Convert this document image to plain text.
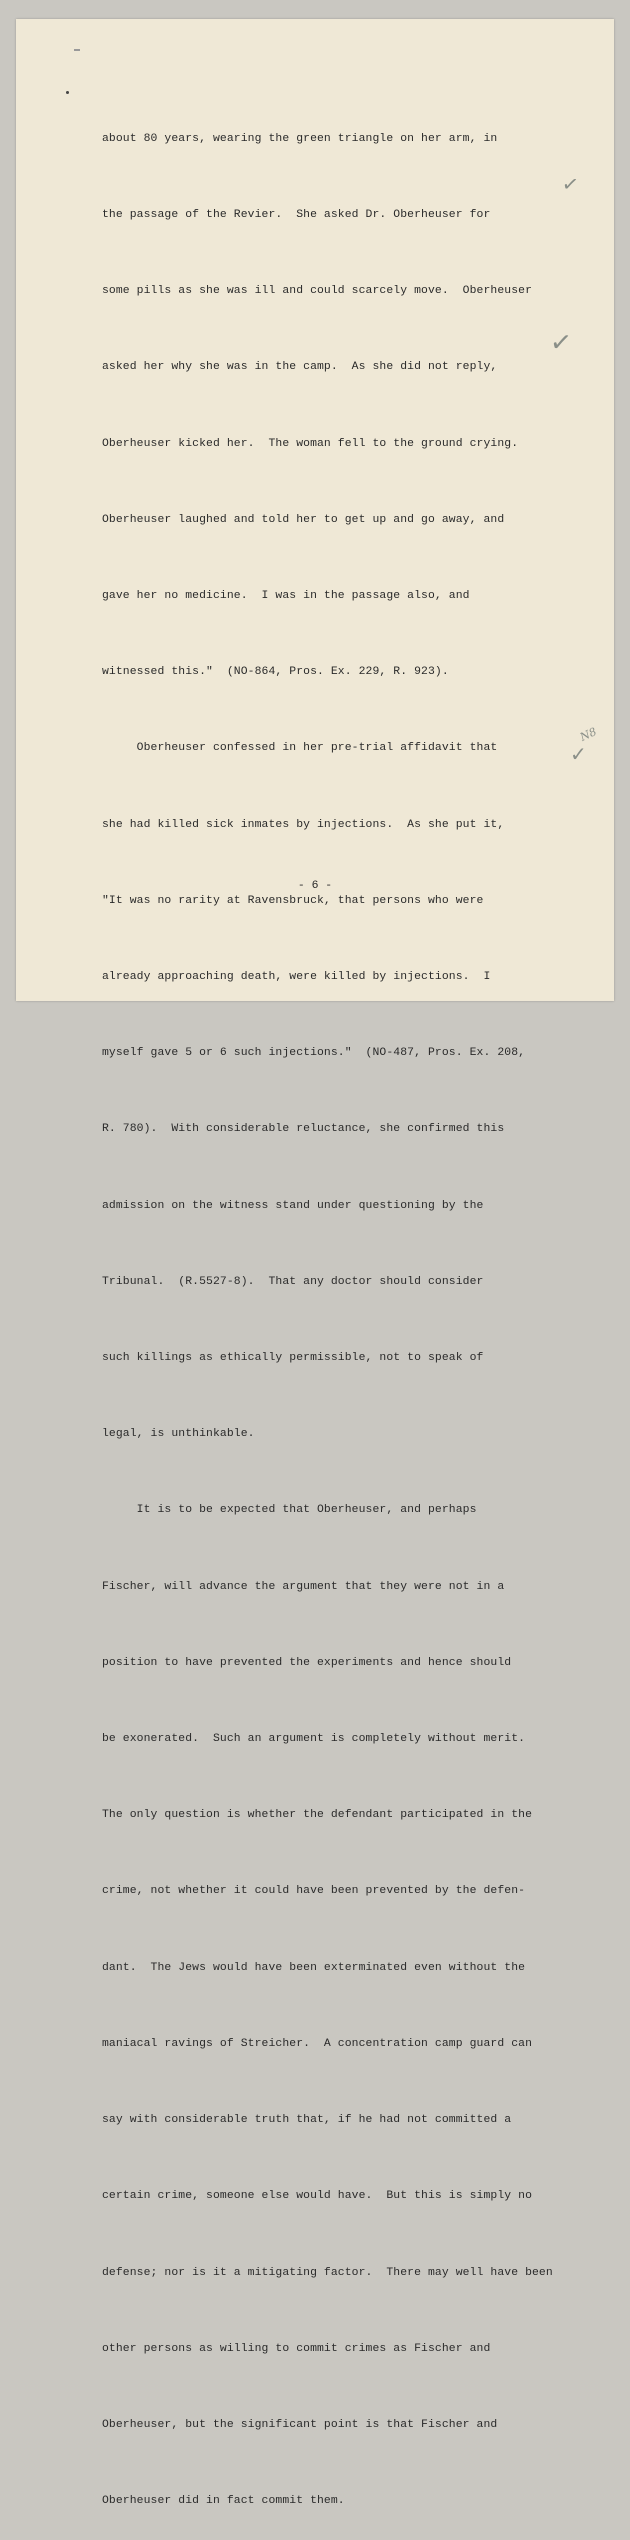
about 80 years, wearing the green triangle on her arm, in

the passage of the Revier.  She asked Dr. Oberheuser for

some pills as she was ill and could scarcely move.  Oberheuser

asked her why she was in the camp.  As she did not reply,

Oberheuser kicked her.  The woman fell to the ground crying.

Oberheuser laughed and told her to get up and go away, and

gave her no medicine.  I was in the passage also, and

witnessed this."  (NO-864, Pros. Ex. 229, R. 923).

Oberheuser confessed in her pre-trial affidavit that

she had killed sick inmates by injections.  As she put it,

"It was no rarity at Ravensbruck, that persons who were

already approaching death, were killed by injections.  I

myself gave 5 or 6 such injections."  (NO-487, Pros. Ex. 208,

R. 780).  With considerable reluctance, she confirmed this

admission on the witness stand under questioning by the

Tribunal.  (R.5527-8).  That any doctor should consider

such killings as ethically permissible, not to speak of

legal, is unthinkable.

It is to be expected that Oberheuser, and perhaps

Fischer, will advance the argument that they were not in a

position to have prevented the experiments and hence should

be exonerated.  Such an argument is completely without merit.

The only question is whether the defendant participated in the

crime, not whether it could have been prevented by the defen-

dant.  The Jews would have been exterminated even without the

maniacal ravings of Streicher.  A concentration camp guard can

say with considerable truth that, if he had not committed a

certain crime, someone else would have.  But this is simply no

defense; nor is it a mitigating factor.  There may well have been

other persons as willing to commit crimes as Fischer and

Oberheuser, but the significant point is that Fischer and

Oberheuser did in fact commit them.

- 6 -
✓
✓
✓
N8
